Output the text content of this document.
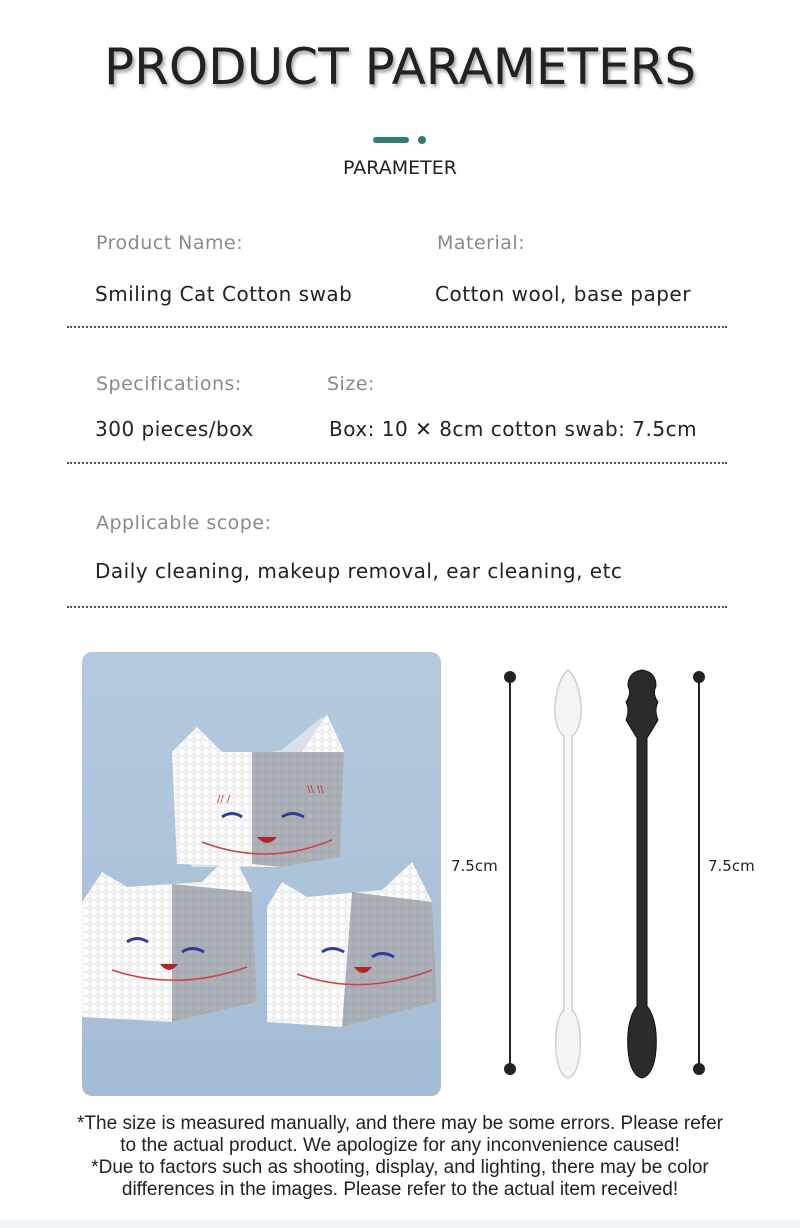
PRODUCT PARAMETERS
PARAMETER
Product Name:	Material:
Smiling Cat Cotton swab	Cotton wool, base paper
Specifications:	Size:
300 pieces/box	Box: 10 ✕ 8cm cotton swab: 7.5cm
Applicable scope:
Daily cleaning, makeup removal, ear cleaning, etc
// /
\\ \\
7.5cm	7.5cm
*The size is measured manually, and there may be some errors. Please refer
to the actual product. We apologize for any inconvenience caused!
*Due to factors such as shooting, display, and lighting, there may be color
differences in the images. Please refer to the actual item received!
